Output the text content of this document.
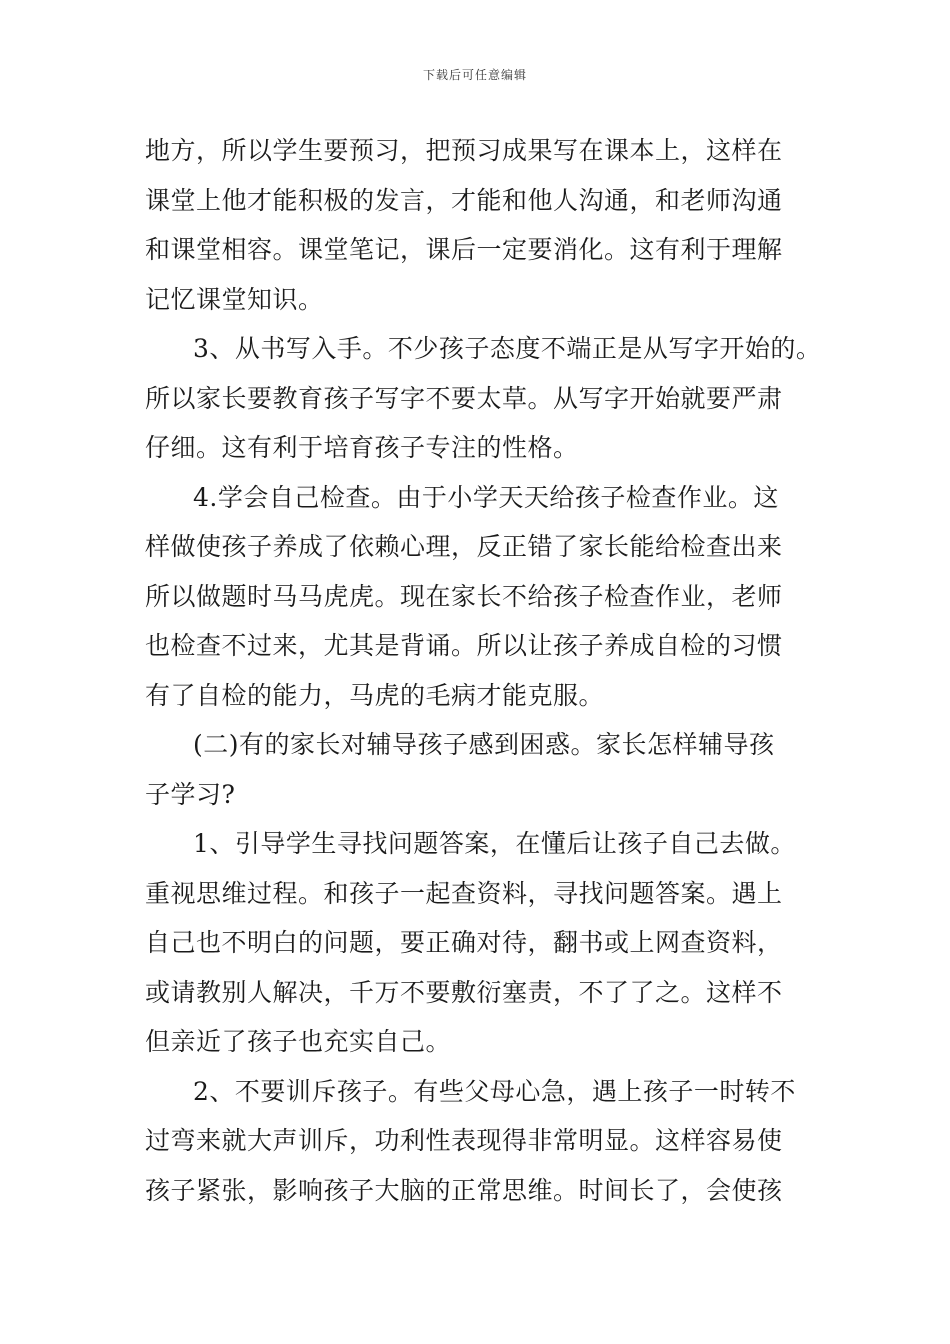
下载后可任意编辑
地方，所以学生要预习，把预习成果写在课本上，这样在
课堂上他才能积极的发言，才能和他人沟通，和老师沟通
和课堂相容。课堂笔记，课后一定要消化。这有利于理解
记忆课堂知识。
3、从书写入手。不少孩子态度不端正是从写字开始的。
所以家长要教育孩子写字不要太草。从写字开始就要严肃
仔细。这有利于培育孩子专注的性格。
4.学会自己检查。由于小学天天给孩子检查作业。这
样做使孩子养成了依赖心理，反正错了家长能给检查出来
所以做题时马马虎虎。现在家长不给孩子检查作业，老师
也检查不过来，尤其是背诵。所以让孩子养成自检的习惯
有了自检的能力，马虎的毛病才能克服。
(二)有的家长对辅导孩子感到困惑。家长怎样辅导孩
子学习?
1、引导学生寻找问题答案，在懂后让孩子自己去做。
重视思维过程。和孩子一起查资料，寻找问题答案。遇上
自己也不明白的问题，要正确对待，翻书或上网查资料，
或请教别人解决，千万不要敷衍塞责，不了了之。这样不
但亲近了孩子也充实自己。
2、不要训斥孩子。有些父母心急，遇上孩子一时转不
过弯来就大声训斥，功利性表现得非常明显。这样容易使
孩子紧张，影响孩子大脑的正常思维。时间长了，会使孩
